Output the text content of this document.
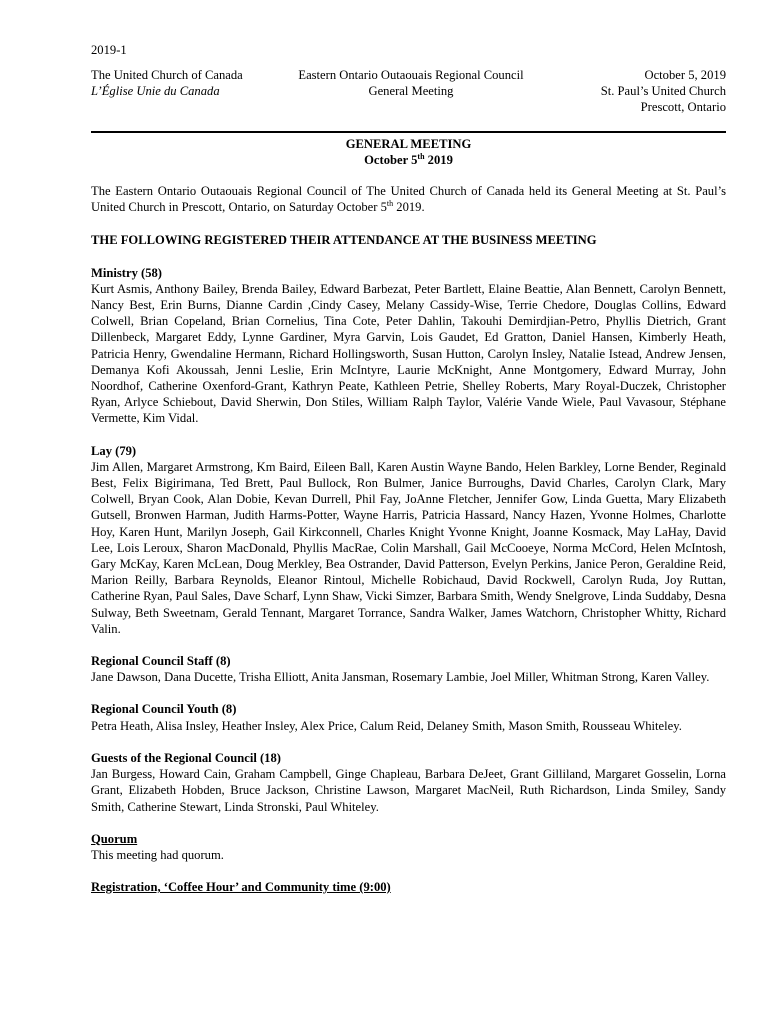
2019-1
The United Church of Canada
L’Église Unie du Canada
Eastern Ontario Outaouais Regional Council
General Meeting
October 5, 2019
St. Paul’s United Church
Prescott, Ontario
GENERAL MEETING
October 5th 2019

The Eastern Ontario Outaouais Regional Council of The United Church of Canada held its General Meeting at St. Paul’s United Church in Prescott, Ontario, on Saturday October 5th 2019.

THE FOLLOWING REGISTERED THEIR ATTENDANCE AT THE BUSINESS MEETING
Ministry (58)

Kurt Asmis, Anthony Bailey, Brenda Bailey, Edward Barbezat, Peter Bartlett, Elaine Beattie, Alan Bennett, Carolyn Bennett, Nancy Best, Erin Burns, Dianne Cardin ,Cindy Casey, Melany Cassidy-Wise, Terrie Chedore, Douglas Collins, Edward Colwell, Brian Copeland, Brian Cornelius, Tina Cote, Peter Dahlin, Takouhi Demirdjian-Petro, Phyllis Dietrich, Grant Dillenbeck, Margaret Eddy, Lynne Gardiner, Myra Garvin, Lois Gaudet, Ed Gratton, Daniel Hansen, Kimberly Heath, Patricia Henry, Gwendaline Hermann, Richard Hollingsworth, Susan Hutton, Carolyn Insley, Natalie Istead, Andrew Jensen, Demanya Kofi Akoussah, Jenni Leslie, Erin McIntyre, Laurie McKnight, Anne Montgomery, Edward Murray, John Noordhof, Catherine Oxenford-Grant, Kathryn Peate, Kathleen Petrie, Shelley Roberts, Mary Royal-Duczek, Christopher Ryan, Arlyce Schiebout, David Sherwin, Don Stiles, William Ralph Taylor, Valérie Vande Wiele, Paul Vavasour, Stéphane Vermette, Kim Vidal.

Lay (79)

Jim Allen, Margaret Armstrong, Km Baird, Eileen Ball, Karen Austin Wayne Bando, Helen Barkley, Lorne Bender, Reginald Best, Felix Bigirimana, Ted Brett, Paul Bullock, Ron Bulmer, Janice Burroughs, David Charles, Carolyn Clark, Mary Colwell, Bryan Cook, Alan Dobie, Kevan Durrell, Phil Fay, JoAnne Fletcher, Jennifer Gow, Linda Guetta, Mary Elizabeth Gutsell, Bronwen Harman, Judith Harms-Potter, Wayne Harris, Patricia Hassard, Nancy Hazen, Yvonne Holmes, Charlotte Hoy, Karen Hunt, Marilyn Joseph, Gail Kirkconnell, Charles Knight Yvonne Knight, Joanne Kosmack, May LaHay, David Lee, Lois Leroux, Sharon MacDonald, Phyllis MacRae, Colin Marshall, Gail McCooeye, Norma McCord, Helen McIntosh, Gary McKay, Karen McLean, Doug Merkley, Bea Ostrander, David Patterson, Evelyn Perkins, Janice Peron, Geraldine Reid, Marion Reilly, Barbara Reynolds, Eleanor Rintoul, Michelle Robichaud, David Rockwell, Carolyn Ruda, Joy Ruttan, Catherine Ryan, Paul Sales, Dave Scharf, Lynn Shaw, Vicki Simzer, Barbara Smith, Wendy Snelgrove, Linda Suddaby, Desna Sulway, Beth Sweetnam, Gerald Tennant, Margaret Torrance, Sandra Walker, James Watchorn, Christopher Whitty, Richard Valin.

Regional Council Staff (8)

Jane Dawson, Dana Ducette, Trisha Elliott, Anita Jansman, Rosemary Lambie, Joel Miller, Whitman Strong, Karen Valley.

Regional Council Youth (8)

Petra Heath, Alisa Insley, Heather Insley, Alex Price, Calum Reid, Delaney Smith, Mason Smith, Rousseau Whiteley.

Guests of the Regional Council (18)

Jan Burgess, Howard Cain, Graham Campbell, Ginge Chapleau, Barbara DeJeet, Grant Gilliland, Margaret Gosselin, Lorna Grant, Elizabeth Hobden, Bruce Jackson, Christine Lawson, Margaret MacNeil, Ruth Richardson, Linda Smiley, Sandy Smith, Catherine Stewart, Linda Stronski, Paul Whiteley.

Quorum

This meeting had quorum.

Registration, ‘Coffee Hour’ and Community time (9:00)
